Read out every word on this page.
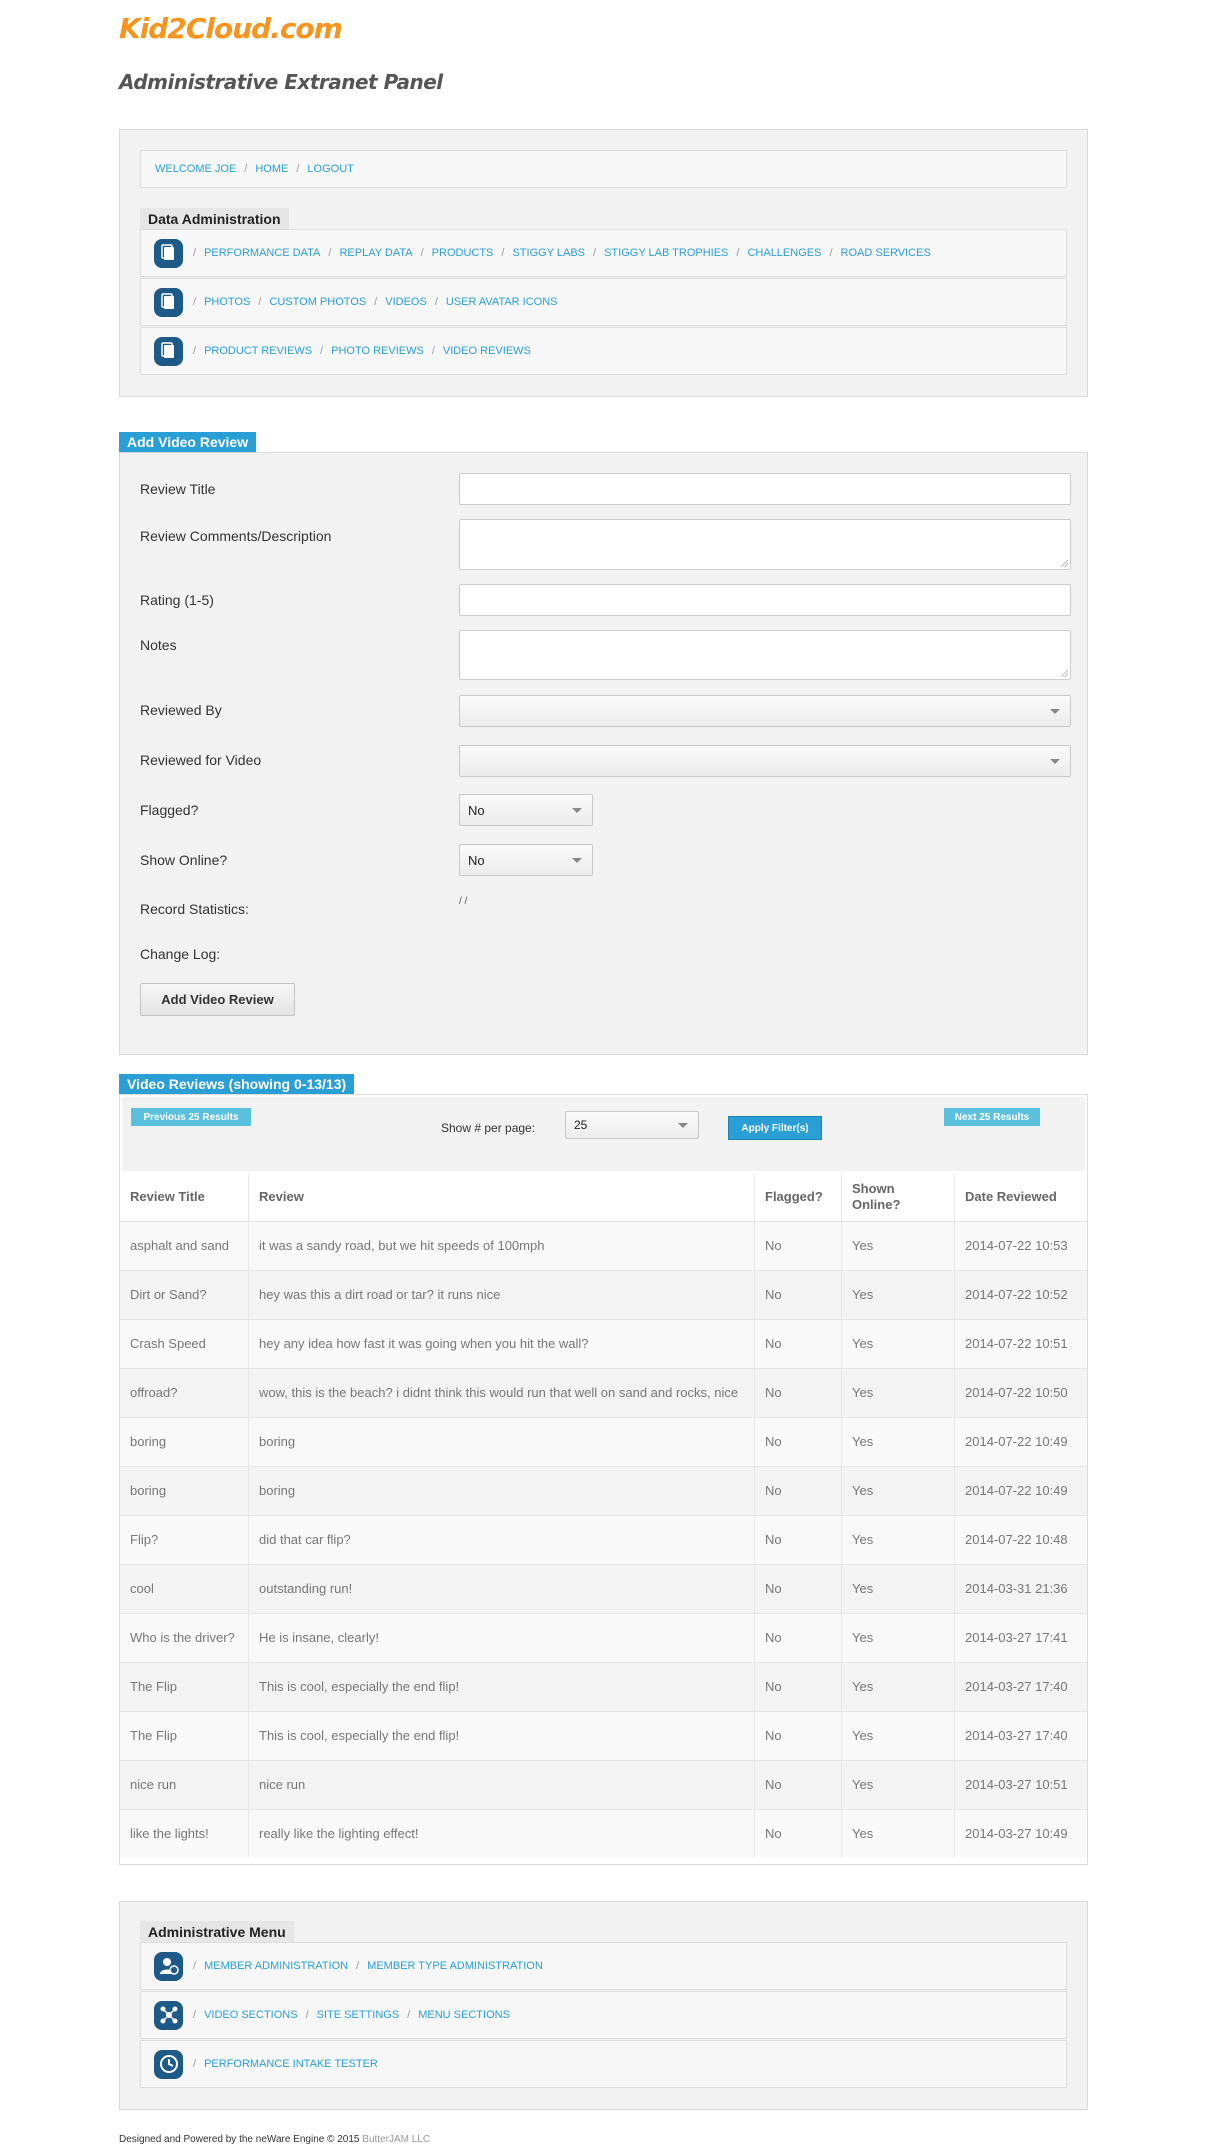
Kid2Cloud.com
Administrative Extranet Panel
WELCOME JOE / HOME / LOGOUT
Data Administration
/ PERFORMANCE DATA / REPLAY DATA / PRODUCTS / STIGGY LABS / STIGGY LAB TROPHIES / CHALLENGES / ROAD SERVICES
/ PHOTOS / CUSTOM PHOTOS / VIDEOS / USER AVATAR ICONS
/ PRODUCT REVIEWS / PHOTO REVIEWS / VIDEO REVIEWS
Add Video Review
Review Title
Review Comments/Description
Rating (1-5)
Notes
Reviewed By
Reviewed for Video
Flagged?	No
Show Online?	No
Record Statistics:	/ /
Change Log:
Add Video Review
Video Reviews (showing 0-13/13)
Previous 25 Results
Show # per page:	25	Apply Filter(s)
Next 25 Results
Review Title	Review	Flagged?	Shown Online?	Date Reviewed
asphalt and sand	it was a sandy road, but we hit speeds of 100mph	No	Yes	2014-07-22 10:53
Dirt or Sand?	hey was this a dirt road or tar? it runs nice	No	Yes	2014-07-22 10:52
Crash Speed	hey any idea how fast it was going when you hit the wall?	No	Yes	2014-07-22 10:51
offroad?	wow, this is the beach? i didnt think this would run that well on sand and rocks, nice	No	Yes	2014-07-22 10:50
boring	boring	No	Yes	2014-07-22 10:49
boring	boring	No	Yes	2014-07-22 10:49
Flip?	did that car flip?	No	Yes	2014-07-22 10:48
cool	outstanding run!	No	Yes	2014-03-31 21:36
Who is the driver?	He is insane, clearly!	No	Yes	2014-03-27 17:41
The Flip	This is cool, especially the end flip!	No	Yes	2014-03-27 17:40
The Flip	This is cool, especially the end flip!	No	Yes	2014-03-27 17:40
nice run	nice run	No	Yes	2014-03-27 10:51
like the lights!	really like the lighting effect!	No	Yes	2014-03-27 10:49
Administrative Menu
/ MEMBER ADMINISTRATION / MEMBER TYPE ADMINISTRATION
/ VIDEO SECTIONS / SITE SETTINGS / MENU SECTIONS
/ PERFORMANCE INTAKE TESTER
Designed and Powered by the neWare Engine © 2015 ButterJAM LLC
